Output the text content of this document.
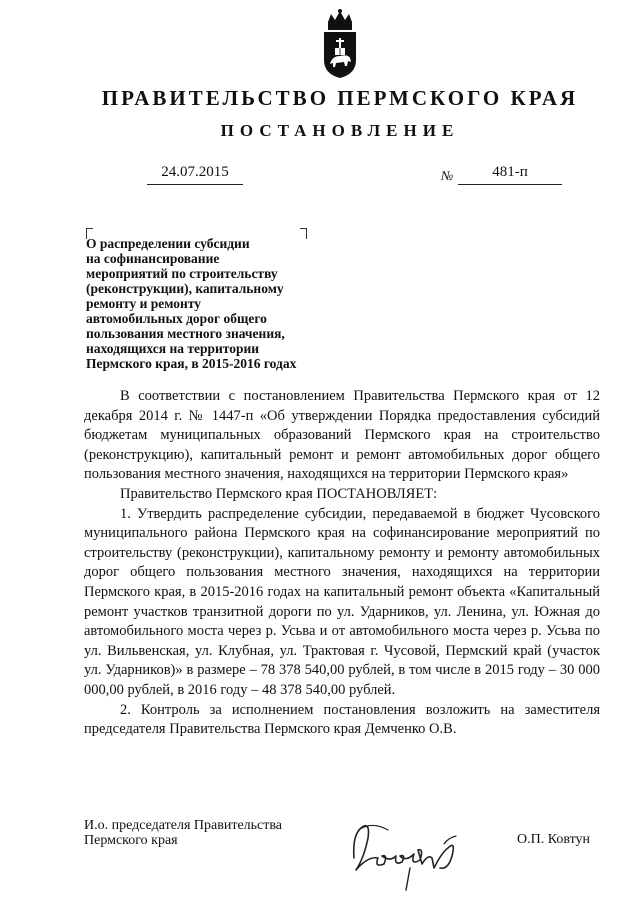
ПРАВИТЕЛЬСТВО ПЕРМСКОГО КРАЯ
ПОСТАНОВЛЕНИЕ
24.07.2015	№	481-п
О распределении субсидии
на софинансирование
мероприятий по строительству
(реконструкции), капитальному
ремонту и ремонту
автомобильных дорог общего
пользования местного значения,
находящихся на территории
Пермского края, в 2015-2016 годах

В соответствии с постановлением Правительства Пермского края от 12 декабря 2014 г. № 1447-п «Об утверждении Порядка предоставления субсидий бюджетам муниципальных образований Пермского края на строительство (реконструкцию), капитальный ремонт и ремонт автомобильных дорог общего пользования местного значения, находящихся на территории Пермского края»

Правительство Пермского края ПОСТАНОВЛЯЕТ:

1. Утвердить распределение субсидии, передаваемой в бюджет Чусовского муниципального района Пермского края на софинансирование мероприятий по строительству (реконструкции), капитальному ремонту и ремонту автомобильных дорог общего пользования местного значения, находящихся на территории Пермского края, в 2015-2016 годах на капитальный ремонт объекта «Капитальный ремонт участков транзитной дороги по ул. Ударников, ул. Ленина, ул. Южная до автомобильного моста через р. Усьва и от автомобильного моста через р. Усьва по ул. Вильвенская, ул. Клубная, ул. Трактовая г. Чусовой, Пермский край (участок ул. Ударников)» в размере – 78 378 540,00 рублей, в том числе в 2015 году – 30 000 000,00 рублей, в 2016 году – 48 378 540,00 рублей.

2. Контроль за исполнением постановления возложить на заместителя председателя Правительства Пермского края Демченко О.В.

И.о. председателя Правительства
Пермского края	О.П. Ковтун
